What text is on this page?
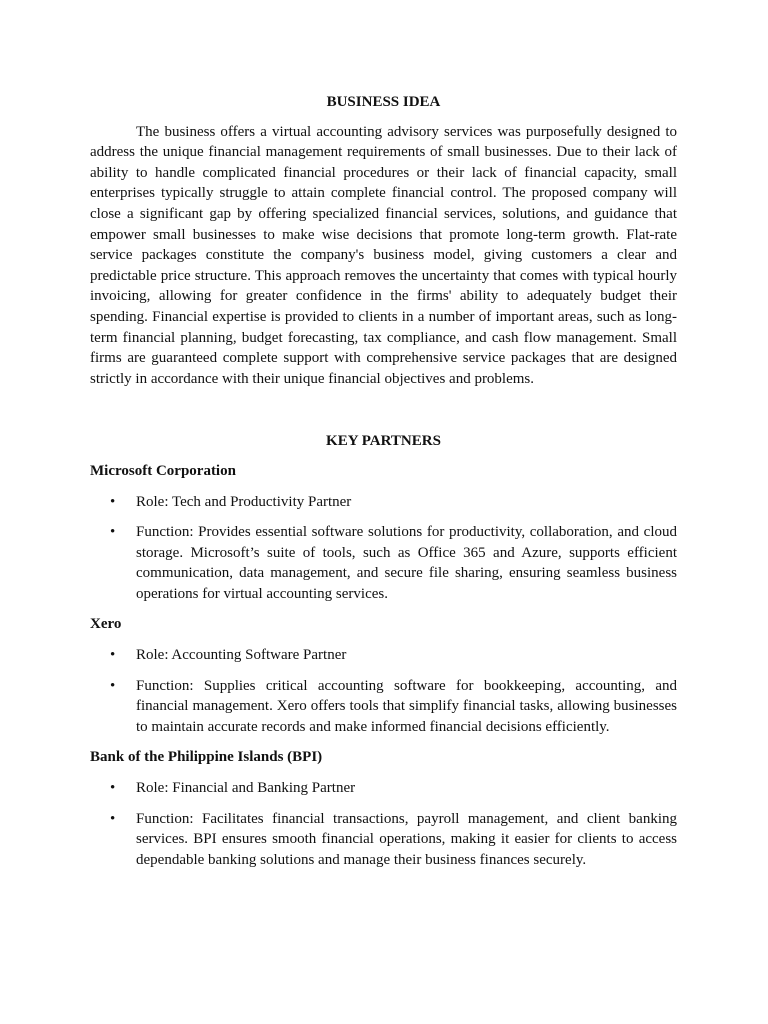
BUSINESS IDEA

The business offers a virtual accounting advisory services was purposefully designed to address the unique financial management requirements of small businesses. Due to their lack of ability to handle complicated financial procedures or their lack of financial capacity, small enterprises typically struggle to attain complete financial control. The proposed company will close a significant gap by offering specialized financial services, solutions, and guidance that empower small businesses to make wise decisions that promote long-term growth. Flat-rate service packages constitute the company's business model, giving customers a clear and predictable price structure. This approach removes the uncertainty that comes with typical hourly invoicing, allowing for greater confidence in the firms' ability to adequately budget their spending. Financial expertise is provided to clients in a number of important areas, such as long-term financial planning, budget forecasting, tax compliance, and cash flow management. Small firms are guaranteed complete support with comprehensive service packages that are designed strictly in accordance with their unique financial objectives and problems.

KEY PARTNERS

Microsoft Corporation

• Role: Tech and Productivity Partner
• Function: Provides essential software solutions for productivity, collaboration, and cloud storage. Microsoft’s suite of tools, such as Office 365 and Azure, supports efficient communication, data management, and secure file sharing, ensuring seamless business operations for virtual accounting services.

Xero

• Role: Accounting Software Partner
• Function: Supplies critical accounting software for bookkeeping, accounting, and financial management. Xero offers tools that simplify financial tasks, allowing businesses to maintain accurate records and make informed financial decisions efficiently.

Bank of the Philippine Islands (BPI)

• Role: Financial and Banking Partner
• Function: Facilitates financial transactions, payroll management, and client banking services. BPI ensures smooth financial operations, making it easier for clients to access dependable banking solutions and manage their business finances securely.
